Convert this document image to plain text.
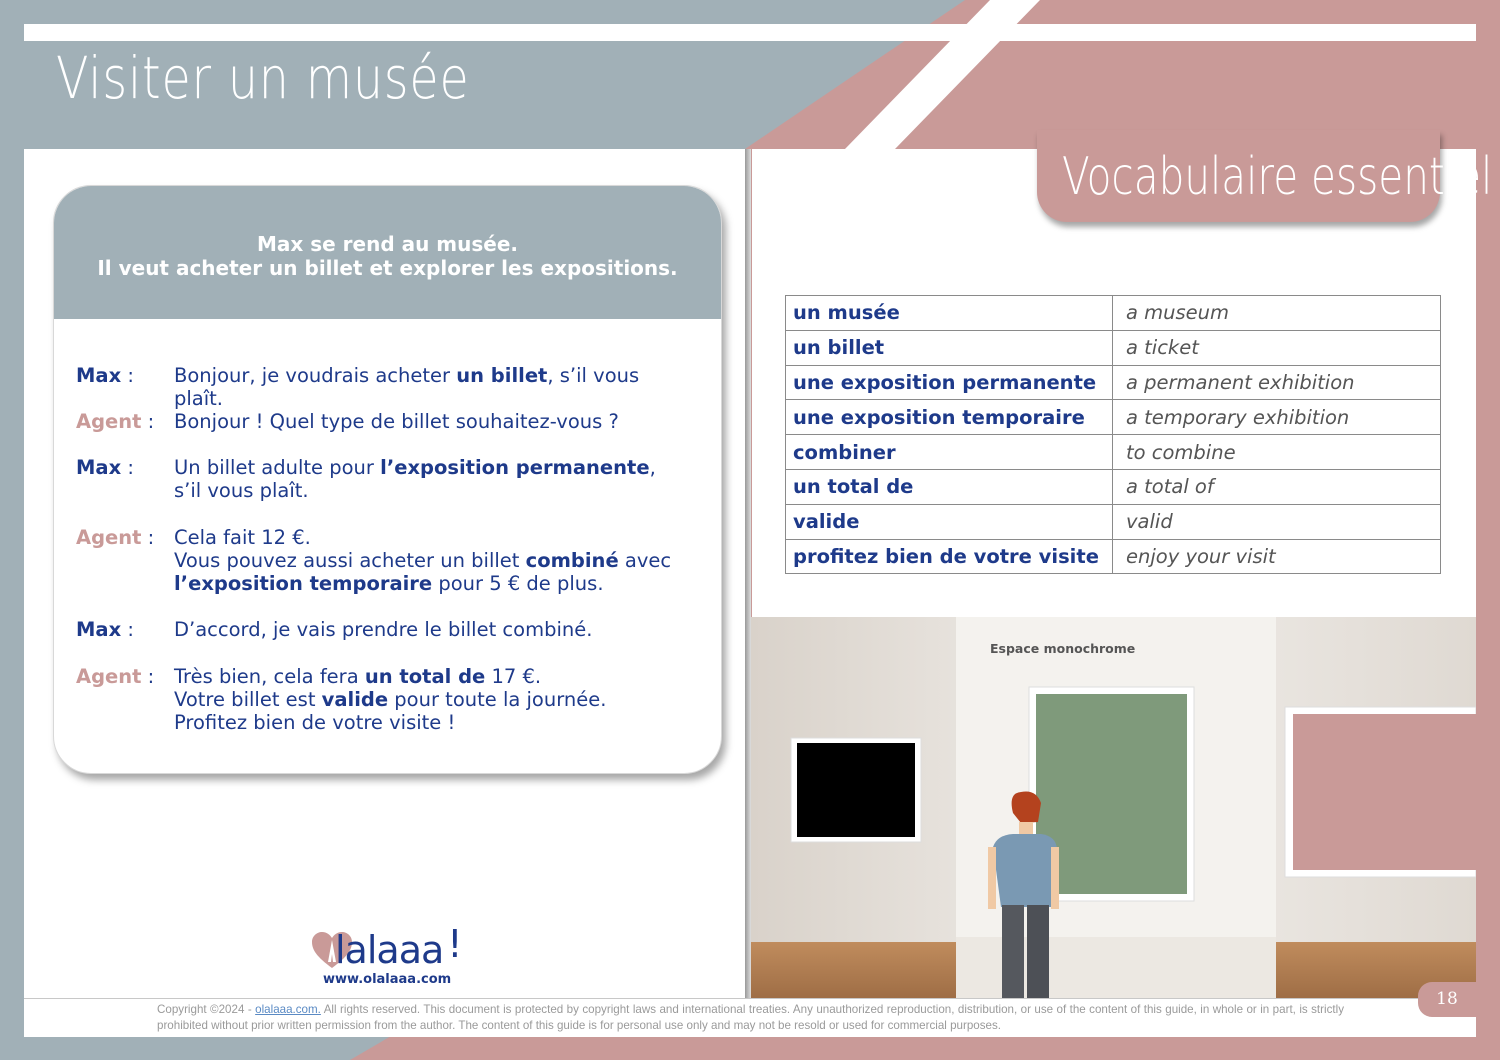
Visiter un musée
Max se rend au musée.
Il veut acheter un billet et explorer les expositions.
Max :	Bonjour, je voudrais acheter un billet, s’il vous plaît.
Agent :	Bonjour ! Quel type de billet souhaitez-vous ?
Max :	Un billet adulte pour l’exposition permanente,
s’il vous plaît.
Agent :	Cela fait 12 €.
Vous pouvez aussi acheter un billet combiné avec
l’exposition temporaire pour 5 € de plus.
Max :	D’accord, je vais prendre le billet combiné.
Agent :	Très bien, cela fera un total de 17 €.
Votre billet est valide pour toute la journée.
Profitez bien de votre visite !
Vocabulaire essentiel
un musée	a museum
un billet	a ticket
une exposition permanente	a permanent exhibition
une exposition temporaire	a temporary exhibition
combiner	to combine
un total de	a total of
valide	valid
profitez bien de votre visite	enjoy your visit
Espace monochrome
lalaaa !
www.olalaaa.com
Copyright ©2024 - olalaaa.com. All rights reserved. This document is protected by copyright laws and international treaties. Any unauthorized reproduction, distribution, or use of the content of this guide, in whole or in part, is strictly prohibited without prior written permission from the author. The content of this guide is for personal use only and may not be resold or used for commercial purposes.
18
